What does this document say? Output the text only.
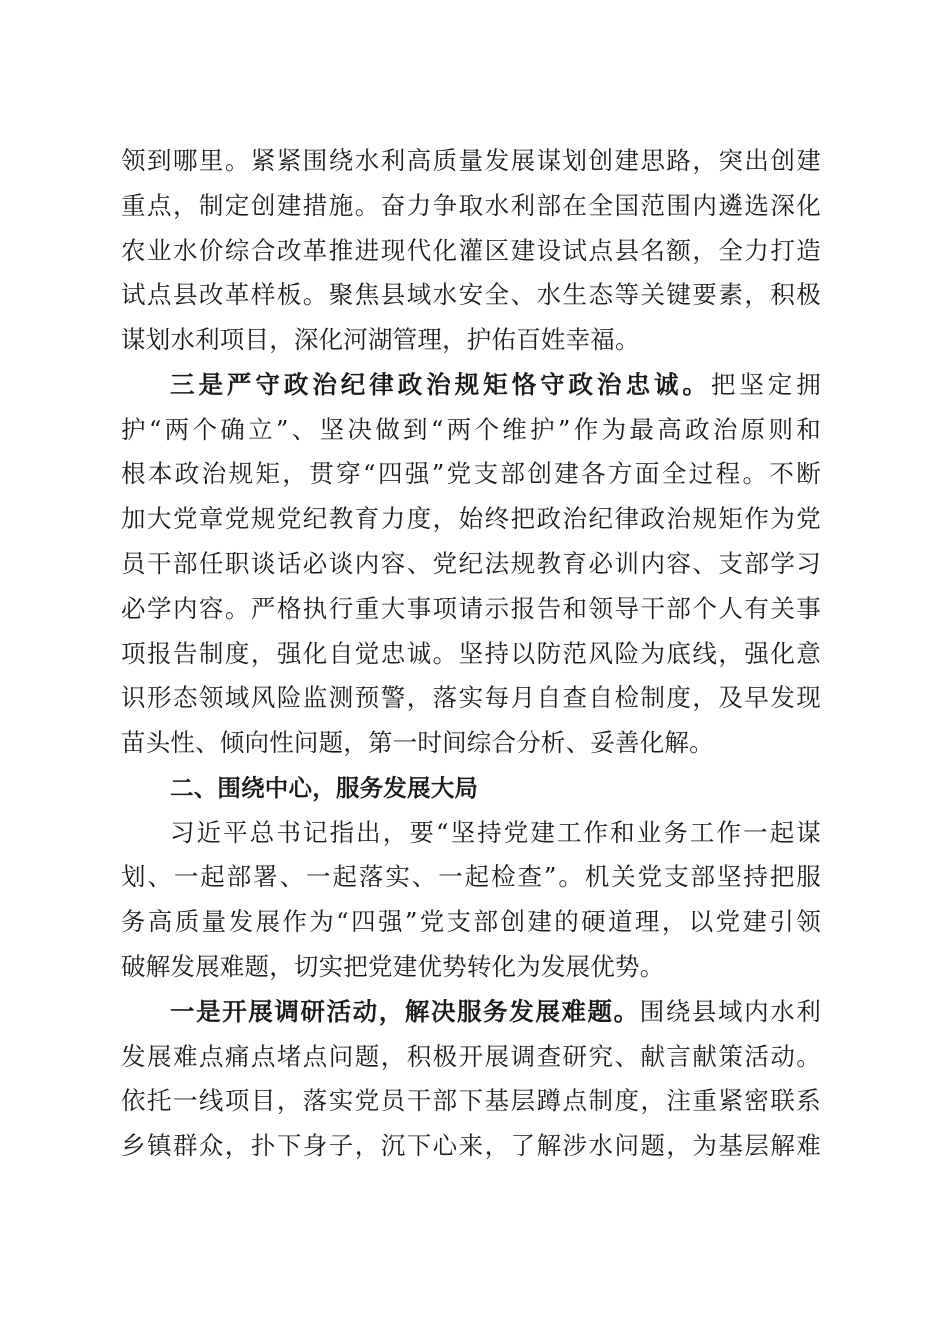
领到哪里。紧紧围绕水利高质量发展谋划创建思路，突出创建
重点，制定创建措施。奋力争取水利部在全国范围内遴选深化
农业水价综合改革推进现代化灌区建设试点县名额，全力打造
试点县改革样板。聚焦县域水安全、水生态等关键要素，积极
谋划水利项目，深化河湖管理，护佑百姓幸福。
三是严守政治纪律政治规矩恪守政治忠诚。把坚定拥
护“两个确立”、坚决做到“两个维护”作为最高政治原则和
根本政治规矩，贯穿“四强”党支部创建各方面全过程。不断
加大党章党规党纪教育力度，始终把政治纪律政治规矩作为党
员干部任职谈话必谈内容、党纪法规教育必训内容、支部学习
必学内容。严格执行重大事项请示报告和领导干部个人有关事
项报告制度，强化自觉忠诚。坚持以防范风险为底线，强化意
识形态领域风险监测预警，落实每月自查自检制度，及早发现
苗头性、倾向性问题，第一时间综合分析、妥善化解。
二、围绕中心，服务发展大局
习近平总书记指出，要“坚持党建工作和业务工作一起谋
划、一起部署、一起落实、一起检查”。机关党支部坚持把服
务高质量发展作为“四强”党支部创建的硬道理，以党建引领
破解发展难题，切实把党建优势转化为发展优势。
一是开展调研活动，解决服务发展难题。围绕县域内水利
发展难点痛点堵点问题，积极开展调查研究、献言献策活动。
依托一线项目，落实党员干部下基层蹲点制度，注重紧密联系
乡镇群众，扑下身子，沉下心来，了解涉水问题，为基层解难
